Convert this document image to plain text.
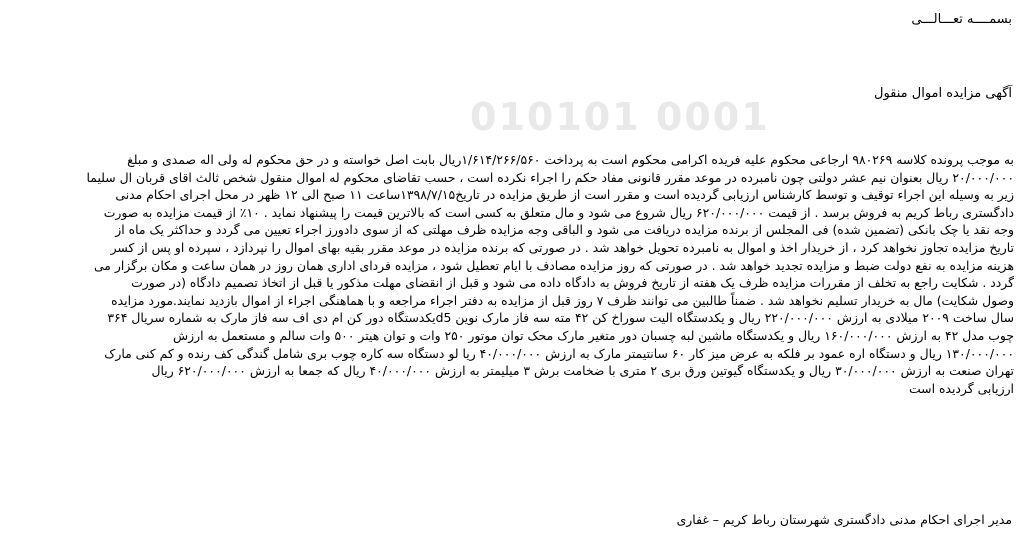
010101 0001
بسمــــه تعـــالـــی
آگهی مزایده اموال منقول
به موجب پرونده کلاسه ۹۸۰۲۶۹ ارجاعی محکوم علیه فریده اکرامی محکوم است به پرداخت ۱/۶۱۴/۲۶۶/۵۶۰ریال بابت اصل خواسته و در حق محکوم له ولی اله صمدی و مبلغ
۲۰/۰۰۰/۰۰۰ ریال بعنوان نیم عشر دولتی چون نامبرده در موعد مقرر قانونی مفاد حکم را اجراء نکرده است ، حسب تقاضای محکوم له اموال منقول شخص ثالث اقای قربان ال سلیما
زیر به وسیله این اجراء توقیف و توسط کارشناس ارزیابی گردیده است و مقرر است از طریق مزایده در تاریخ۱۳۹۸/۷/۱۵ساعت ۱۱ صبح الی ۱۲ ظهر در محل اجرای احکام مدنی
دادگستری رباط کریم به فروش برسد . از قیمت ۶۲۰/۰۰۰/۰۰۰ ریال شروع می شود و مال متعلق به کسی است که بالاترین قیمت را پیشنهاد نماید . ۱۰٪ از قیمت مزایده به صورت
وجه نقد یا چک بانکی (تضمین شده) فی المجلس از برنده مزایده دریافت می شود و الباقی وجه مزایده ظرف مهلتی که از سوی دادورز اجراء تعیین می گردد و حداکثر یک ماه از
تاریخ مزایده تجاوز نخواهد کرد ، از خریدار اخذ و اموال به نامبرده تحویل خواهد شد . در صورتی که برنده مزایده در موعد مقرر بقیه بهای اموال را نپردازد ، سپرده او پس از کسر
هزینه مزایده به نفع دولت ضبط و مزایده تجدید خواهد شد . در صورتی که روز مزایده مصادف با ایام تعطیل شود ، مزایده فردای اداری همان روز در همان ساعت و مکان برگزار می
گردد . شکایت راجع به تخلف از مقررات مزایده ظرف یک هفته از تاریخ فروش به دادگاه داده می شود و قبل از انقضای مهلت مذکور یا قبل از اتخاذ تصمیم دادگاه (در صورت
وصول شکایت) مال به خریدار تسلیم نخواهد شد . ضمناً طالبین می توانند ظرف ۷ روز قبل از مزایده به دفتر اجراء مراجعه و با هماهنگی اجراء از اموال بازدید نمایند.مورد مزایده
سال ساخت ۲۰۰۹ میلادی به ارزش ۲۲۰/۰۰۰/۰۰۰ ریال و یکدستگاه الیت سوراخ کن ۴۲ مته سه فاز مارک نوین d5یکدستگاه دور کن ام دی اف سه فاز مارک به شماره سریال ۳۶۴
چوب مدل ۴۲ به ارزش ۱۶۰/۰۰۰/۰۰۰ ریال و یکدستگاه ماشین لبه چسبان دور متغیر مارک محک توان موتور ۲۵۰ وات و توان هیتر ۵۰۰ وات سالم و مستعمل به ارزش
۱۳۰/۰۰۰/۰۰۰ ریال و دستگاه اره عمود بر فلکه به عرض میز کار ۶۰ سانتیمتر مارک به ارزش ۴۰/۰۰۰/۰۰۰ ریا لو دستگاه سه کاره چوب بری شامل گندگی کف رنده و کم کنی مارک
تهران صنعت به ارزش ۳۰/۰۰۰/۰۰۰ ریال و یکدستگاه گیوتین ورق بری ۲ متری با ضخامت برش ۳ میلیمتر به ارزش ۴۰/۰۰۰/۰۰۰ ریال که جمعا به ارزش ۶۲۰/۰۰۰/۰۰۰ ریال
ارزیابی گردیده است
مدیر اجرای احکام مدنی دادگستری شهرستان رباط کریم – غفاری
